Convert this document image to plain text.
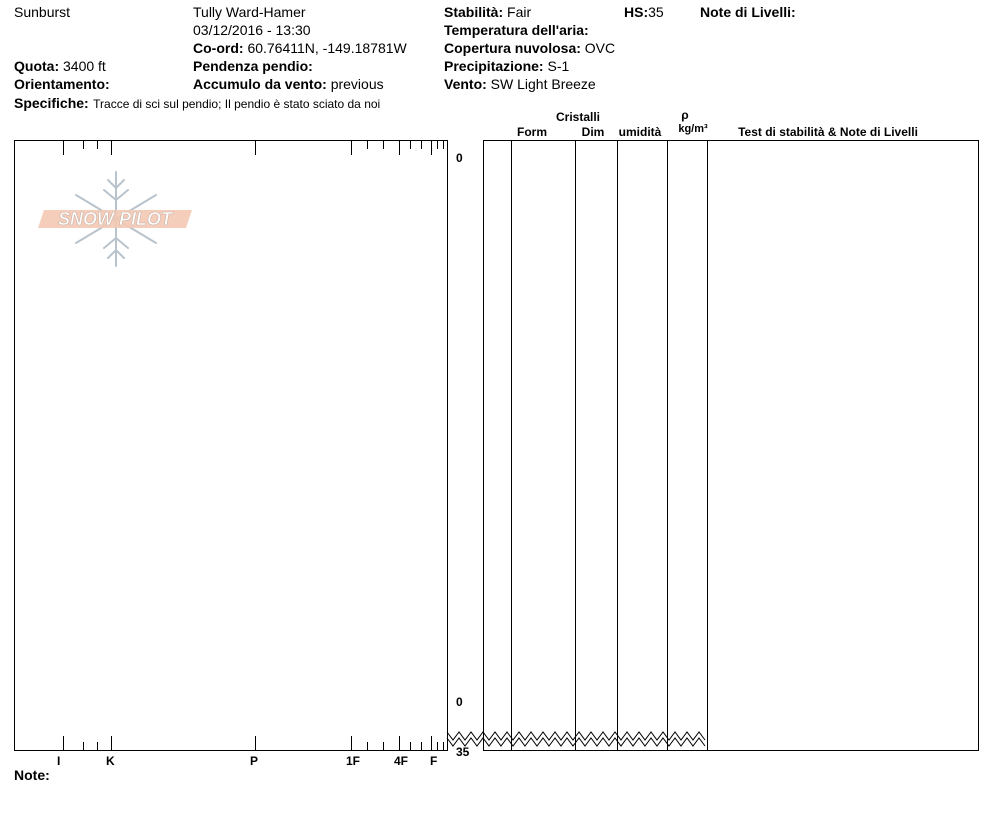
Sunburst
Quota: 3400 ft
Orientamento:
Specifiche: Tracce di sci sul pendio; Il pendio è stato sciato da noi
Tully Ward-Hamer
03/12/2016 - 13:30
Co-ord: 60.76411N, -149.18781W
Pendenza pendio:
Accumulo da vento: previous
Stabilità: Fair	HS:35	Note di Livelli:
Temperatura dell'aria:
Copertura nuvolosa: OVC
Precipitazione: S-1
Vento: SW Light Breeze
Cristalli
Form	Dim	umidità
ρ
kg/m³	Test di stabilità & Note di Livelli
0
0
35
I	K	P	1F	4F F
Note:
SNOW PILOT
